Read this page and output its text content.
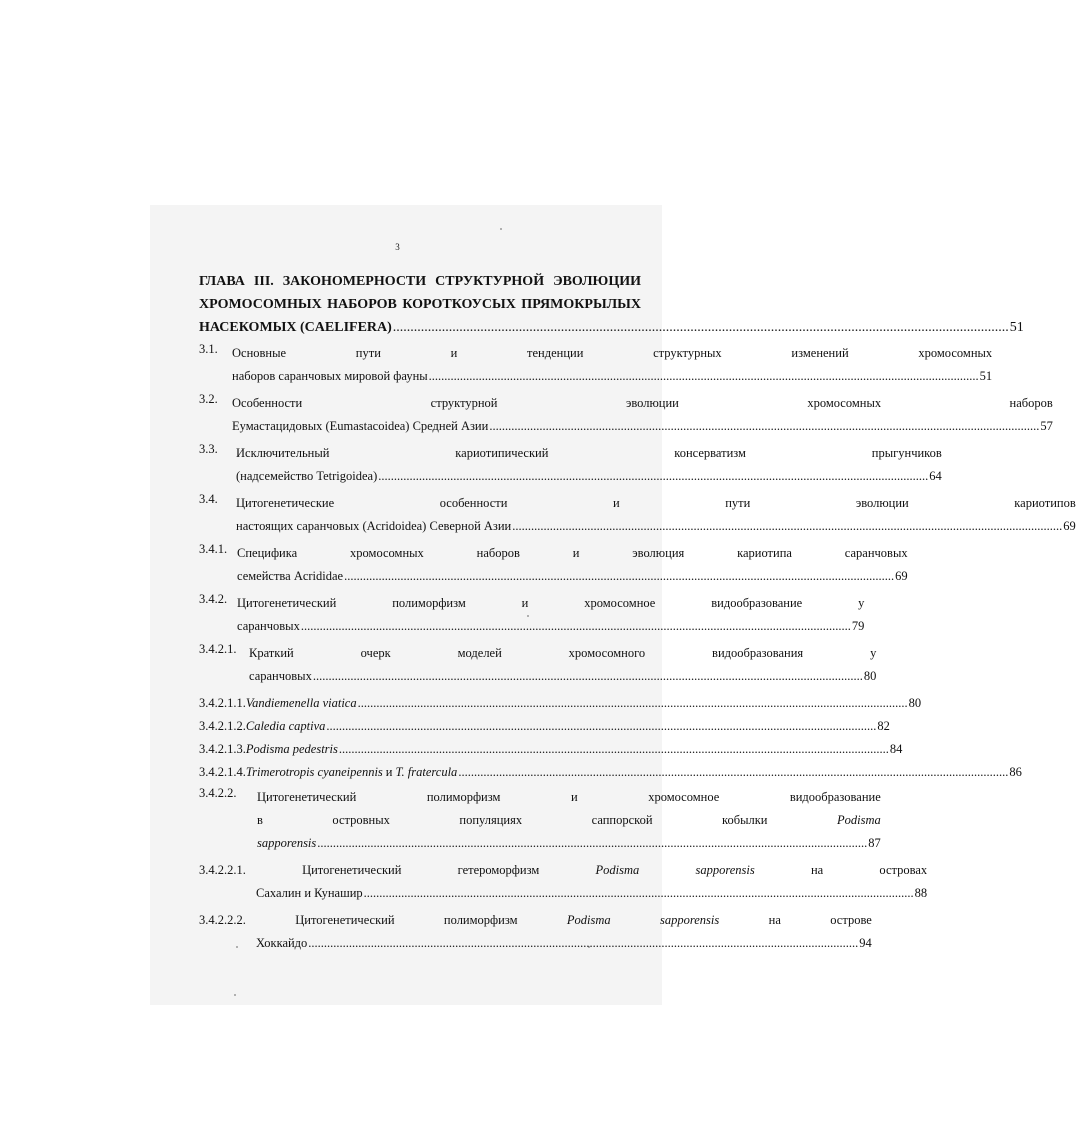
3
ГЛАВА III. ЗАКОНОМЕРНОСТИ СТРУКТУРНОЙ ЭВОЛЮЦИИ
ХРОМОСОМНЫХ НАБОРОВ КОРОТКОУСЫХ ПРЯМОКРЫЛЫХ
НАСЕКОМЫХ (CAELIFERA) .....	51
3.1.	Основные пути и тенденции структурных изменений хромосомных
наборов саранчовых мировой фауны .....	51
3.2.	Особенности структурной эволюции хромосомных наборов
Еумастацидовых (Eumastacoidea) Средней Азии .....	57
3.3.	Исключительный кариотипический консерватизм прыгунчиков
(надсемейство Tetrigoidea) .....	64
3.4.	Цитогенетические особенности и пути эволюции кариотипов
настоящих саранчовых (Acridoidea) Северной Азии .....	69
3.4.1. Специфика хромосомных наборов и эволюция кариотипа саранчовых
семейства Acrididae .....	69
3.4.2. Цитогенетический полиморфизм и хромосомное видообразование у
саранчовых .....	79
3.4.2.1.	Краткий очерк моделей хромосомного видообразования у
саранчовых .....	80
3.4.2.1.1. Vandiemenella viatica .....	80
3.4.2.1.2. Caledia captiva .....	82
3.4.2.1.3. Podisma pedestris .....	84
3.4.2.1.4. Trimerotropis cyaneipennis и T. fratercula .....	86
3.4.2.2.	Цитогенетический полиморфизм и хромосомное видообразование
в островных популяциях саппорской кобылки	Podisma
sapporensis .....	87
3.4.2.2.1.	Цитогенетический гетероморфизм	Podisma sapporensis	на островах
Сахалин и Кунашир .....	88
3.4.2.2.2.	Цитогенетический полиморфизм	Podisma sapporensis	на острове
Хоккайдо .....	94
